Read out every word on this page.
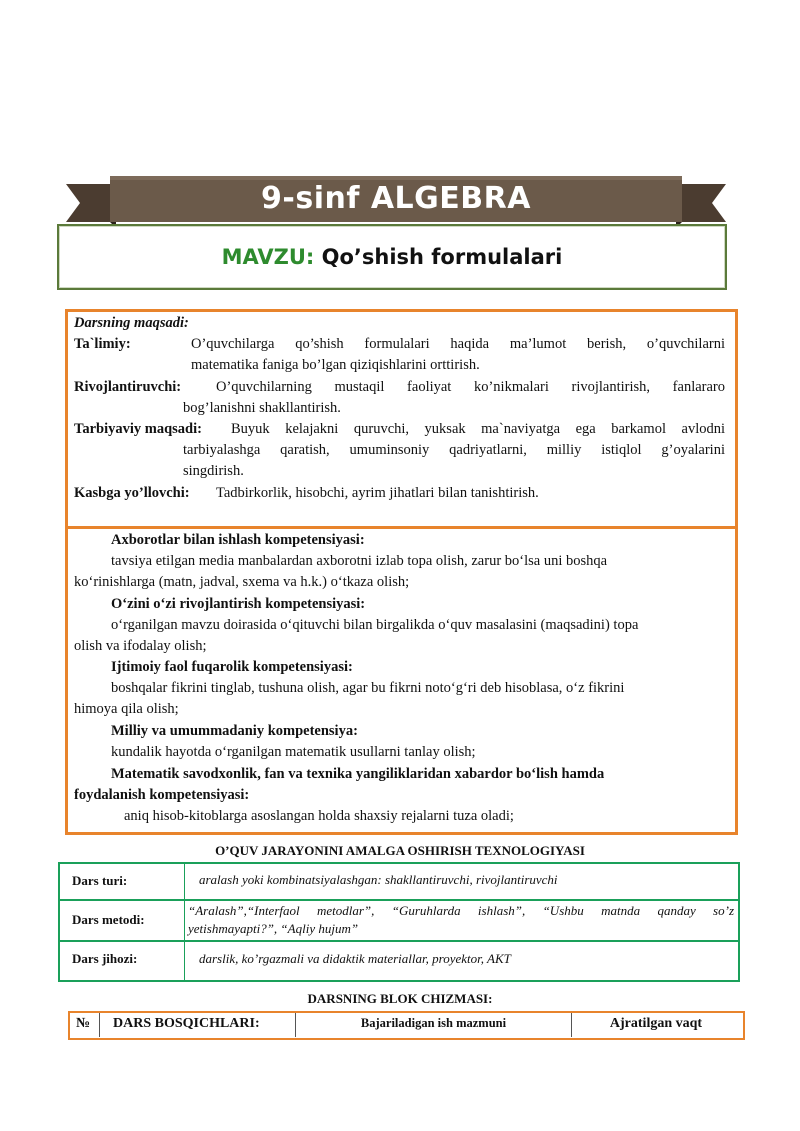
9-sinf ALGEBRA
MAVZU: Qo’shish formulalari
Darsning maqsadi:
Ta`limiy:	O’quvchilarga qo’shish formulalari haqida ma’lumot berish, o’quvchilarni
matematika faniga bo’lgan qiziqishlarini orttirish.
Rivojlantiruvchi: O’quvchilarning mustaqil faoliyat ko’nikmalari rivojlantirish, fanlararo
bog’lanishni shakllantirish.
Tarbiyaviy maqsadi: Buyuk kelajakni quruvchi, yuksak ma`naviyatga ega barkamol avlodni
tarbiyalashga qaratish, umuminsoniy qadriyatlarni, milliy istiqlol g’oyalarini
singdirish.
Kasbga yo’llovchi: Tadbirkorlik, hisobchi, ayrim jihatlari bilan tanishtirish.
Axborotlar bilan ishlash kompetensiyasi:
tavsiya etilgan media manbalardan axborotni izlab topa olish, zarur bo‘lsa uni boshqa
ko‘rinishlarga (matn, jadval, sxema va h.k.) o‘tkaza olish;
O‘zini o‘zi rivojlantirish kompetensiyasi:
o‘rganilgan mavzu doirasida o‘qituvchi bilan birgalikda o‘quv masalasini (maqsadini) topa
olish va ifodalay olish;
Ijtimoiy faol fuqarolik kompetensiyasi:
boshqalar fikrini tinglab, tushuna olish, agar bu fikrni noto‘g‘ri deb hisoblasa, o‘z fikrini
himoya qila olish;
Milliy va umummadaniy kompetensiya:
kundalik hayotda o‘rganilgan matematik usullarni tanlay olish;
Matematik savodxonlik, fan va texnika yangiliklaridan xabardor bo‘lish hamda
foydalanish kompetensiyasi:
aniq hisob-kitoblarga asoslangan holda shaxsiy rejalarni tuza oladi;
O’QUV JARAYONINI AMALGA OSHIRISH TEXNOLOGIYASI
Dars turi:	aralash yoki kombinatsiyalashgan: shakllantiruvchi, rivojlantiruvchi
Dars metodi:
“Aralash”,“Interfaol metodlar”, “Guruhlarda ishlash”, “Ushbu matnda qanday so’z
yetishmayapti?”, “Aqliy hujum”
Dars jihozi:	darslik, ko’rgazmali va didaktik materiallar, proyektor, AKT
DARSNING BLOK CHIZMASI:
№ DARS BOSQICHLARI:	Bajariladigan ish mazmuni	Ajratilgan vaqt
